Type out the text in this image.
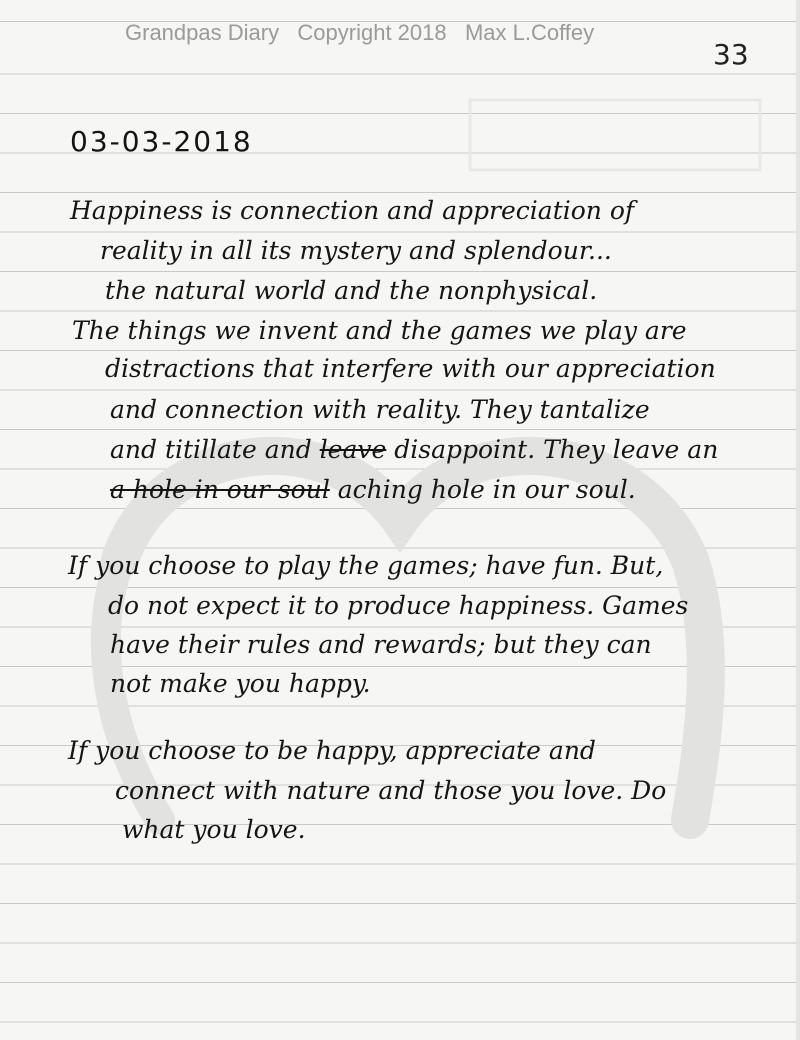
Grandpas Diary   Copyright 2018   Max L.Coffey
33
03-03-2018
Happiness is connection and appreciation of
reality in all its mystery and splendour...
the natural world and the nonphysical.
The things we invent and the games we play are
distractions that interfere with our appreciation
and connection with reality. They tantalize
and titillate and leave disappoint. They leave an
a hole in our soul aching hole in our soul.
If you choose to play the games; have fun. But,
do not expect it to produce happiness. Games
have their rules and rewards; but they can
not make you happy.
If you choose to be happy, appreciate and
connect with nature and those you love. Do
what you love.
